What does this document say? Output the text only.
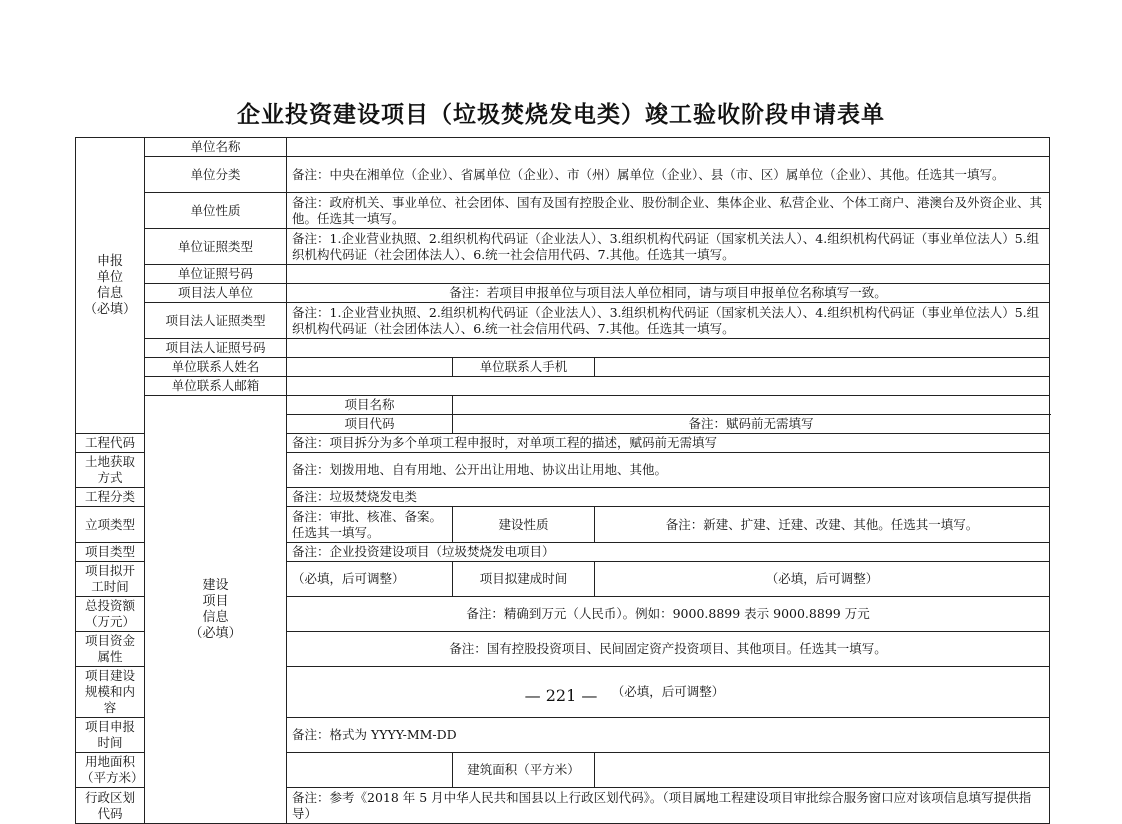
企业投资建设项目（垃圾焚烧发电类）竣工验收阶段申请表单
申报
单位
信息
（必填）	单位名称			
	单位分类	备注：中央在湘单位（企业）、省属单位（企业）、市（州）属单位（企业）、县（市、区）属单位（企业）、其他。任选其一填写。		
	单位性质	备注：政府机关、事业单位、社会团体、国有及国有控股企业、股份制企业、集体企业、私营企业、个体工商户、港澳台及外资企业、其他。任选其一填写。		
	单位证照类型	备注：1.企业营业执照、2.组织机构代码证（企业法人）、3.组织机构代码证（国家机关法人）、4.组织机构代码证（事业单位法人）5.组织机构代码证（社会团体法人）、6.统一社会信用代码、7.其他。任选其一填写。		
	单位证照号码			
	项目法人单位	备注：若项目申报单位与项目法人单位相同，请与项目申报单位名称填写一致。		
	项目法人证照类型	备注：1.企业营业执照、2.组织机构代码证（企业法人）、3.组织机构代码证（国家机关法人）、4.组织机构代码证（事业单位法人）5.组织机构代码证（社会团体法人）、6.统一社会信用代码、7.其他。任选其一填写。		
	项目法人证照号码			
	单位联系人姓名		单位联系人手机	
	单位联系人邮箱			
	建设
项目
信息
（必填）	项目名称		
		项目代码	备注：赋码前无需填写	
工程代码		备注：项目拆分为多个单项工程申报时，对单项工程的描述，赋码前无需填写		
土地获取方式		备注：划拨用地、自有用地、公开出让用地、协议出让用地、其他。		
工程分类		备注：垃圾焚烧发电类		
立项类型		备注：审批、核准、备案。任选其一填写。	建设性质	备注：新建、扩建、迁建、改建、其他。任选其一填写。
项目类型		备注：企业投资建设项目（垃圾焚烧发电项目）		
项目拟开工时间		（必填，后可调整）	项目拟建成时间	（必填，后可调整）
总投资额（万元）		备注：精确到万元（人民币）。例如：9000.8899 表示 9000.8899 万元		
项目资金属性		备注：国有控股投资项目、民间固定资产投资项目、其他项目。任选其一填写。		
项目建设规模和内容		（必填，后可调整）		
项目申报时间		备注：格式为 YYYY-MM-DD		
用地面积（平方米）			建筑面积（平方米）	
行政区划代码		备注：参考《2018 年 5 月中华人民共和国县以上行政区划代码》。（项目属地工程建设项目审批综合服务窗口应对该项信息填写提供指导）		
— 221 —
